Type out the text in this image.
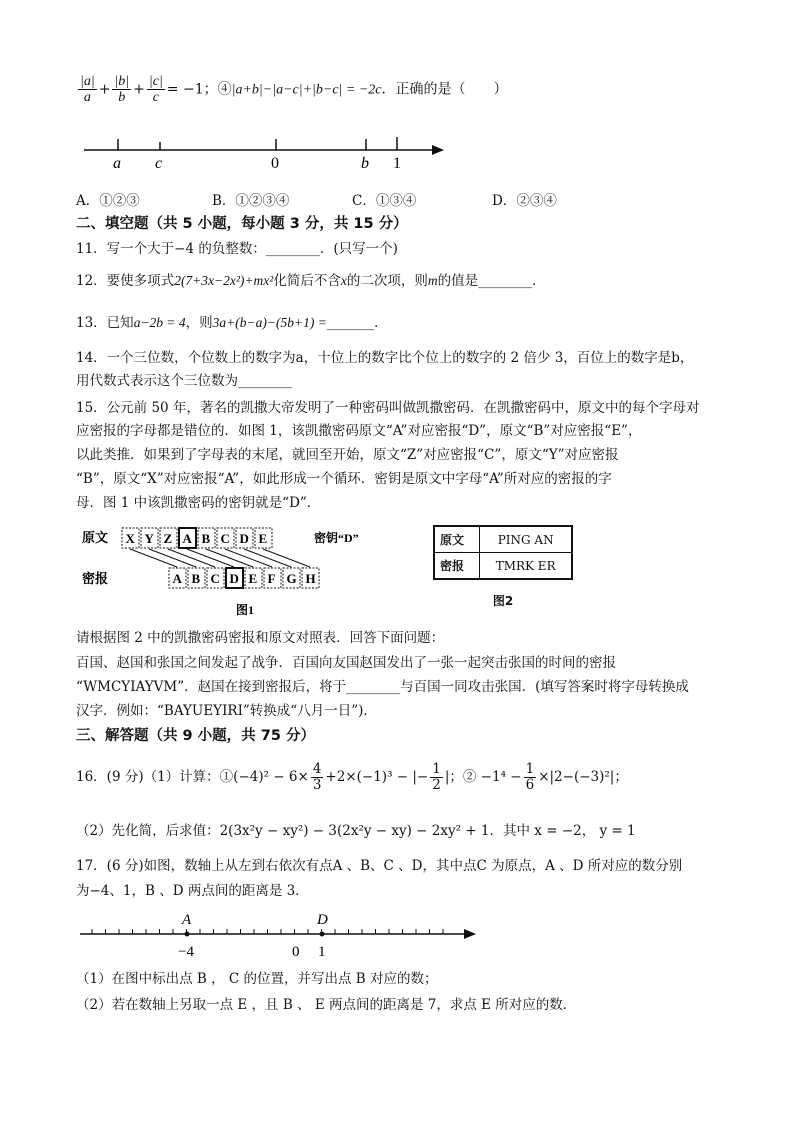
$\frac{|a|}{a} + \frac{|b|}{b} + \frac{|c|}{c} = -1$；④|a+b|−|a−c|+|b−c| = −2c．正确的是（　　）
a c	0	b 1
A．①②③	B．①②③④	C．①③④	D．②③④
二、填空题（共 5 小题，每小题 3 分，共 15 分）
11．写一个大于−4 的负整数：________．(只写一个)
12．要使多项式2(7+3x−2x²)+mx²化简后不含x的二次项，则m的值是________．
13．已知a−2b = 4，则3a+(b−a)−(5b+1) =_______．
14．一个三位数，个位数上的数字为a，十位上的数字比个位上的数字的 2 倍少 3，百位上的数字是b，
用代数式表示这个三位数为________
15．公元前 50 年，著名的凯撒大帝发明了一种密码叫做凯撒密码．在凯撒密码中，原文中的每个字母对
应密报的字母都是错位的．如图 1，该凯撒密码原文“A”对应密报“D”，原文“B”对应密报“E”，
以此类推．如果到了字母表的末尾，就回至开始，原文“Z”对应密报“C”，原文“Y”对应密报
“B”，原文“X”对应密报“A”，如此形成一个循环．密钥是原文中字母“A”所对应的密报的字
母．图 1 中该凯撒密码的密钥就是“D”．
原文
密报
密钥“D”
X Y Z A B C D E
A B C D E F G H
图1
原文	PING AN
密报	TMRK ER
图2
请根据图 2 中的凯撒密码密报和原文对照表．回答下面问题：
百国、赵国和张国之间发起了战争．百国向友国赵国发出了一张一起突击张国的时间的密报
“WMCYIAYVM”．赵国在接到密报后，将于________与百国一同攻击张国．(填写答案时将字母转换成
汉字．例如：“BAYUEYIRI”转换成“八月一日”)．
三、解答题（共 9 小题，共 75 分）
16．(9 分)（1）计算：①(−4)² − $6\times \frac{4}{3} +2\times(-1)^3$ − |− $\frac{1}{2}$ |；② $-1^4 - \frac{1}{6} \times|2-(-3)^2|$；
（2）先化简，后求值：2(3x²y − xy²) − 3(2x²y − xy) − 2xy² + 1．其中 x = −2， y = 1
17．(6 分)如图，数轴上从左到右依次有点A 、B、C 、D，其中点C 为原点，A 、D 所对应的数分别
为−4、1，B 、D 两点间的距离是 3．
A
−4	0
D
1
（1）在图中标出点 B ， C 的位置，并写出点 B 对应的数；
（2）若在数轴上另取一点 E ，且 B 、 E 两点间的距离是 7，求点 E 所对应的数．
